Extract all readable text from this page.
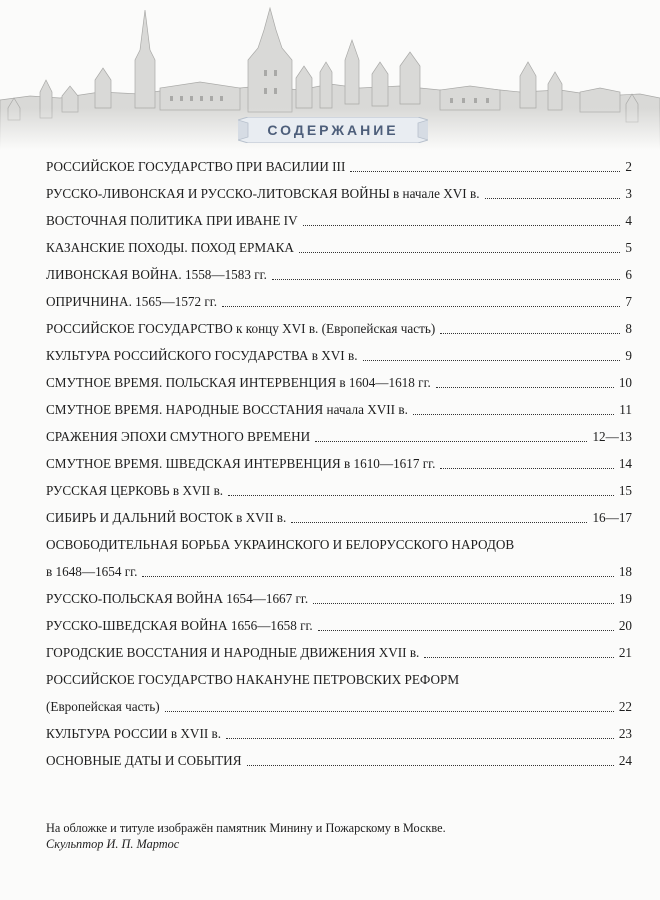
СОДЕРЖАНИЕ
РОССИЙСКОЕ ГОСУДАРСТВО ПРИ ВАСИЛИИ III	2
РУССКО-ЛИВОНСКАЯ И РУССКО-ЛИТОВСКАЯ ВОЙНЫ в начале XVI в.	3
ВОСТОЧНАЯ ПОЛИТИКА ПРИ ИВАНЕ IV	4
КАЗАНСКИЕ ПОХОДЫ. ПОХОД ЕРМАКА	5
ЛИВОНСКАЯ ВОЙНА. 1558—1583 гг.	6
ОПРИЧНИНА. 1565—1572 гг.	7
РОССИЙСКОЕ ГОСУДАРСТВО к концу XVI в. (Европейская часть)	8
КУЛЬТУРА РОССИЙСКОГО ГОСУДАРСТВА в XVI в.	9
СМУТНОЕ ВРЕМЯ. ПОЛЬСКАЯ ИНТЕРВЕНЦИЯ в 1604—1618 гг.	10
СМУТНОЕ ВРЕМЯ. НАРОДНЫЕ ВОССТАНИЯ начала XVII в.	11
СРАЖЕНИЯ ЭПОХИ СМУТНОГО ВРЕМЕНИ	12—13
СМУТНОЕ ВРЕМЯ. ШВЕДСКАЯ ИНТЕРВЕНЦИЯ в 1610—1617 гг.	14
РУССКАЯ ЦЕРКОВЬ в XVII в.	15
СИБИРЬ И ДАЛЬНИЙ ВОСТОК в XVII в.	16—17
ОСВОБОДИТЕЛЬНАЯ БОРЬБА УКРАИНСКОГО И БЕЛОРУССКОГО НАРОДОВ
в 1648—1654 гг.	18
РУССКО-ПОЛЬСКАЯ ВОЙНА 1654—1667 гг.	19
РУССКО-ШВЕДСКАЯ ВОЙНА 1656—1658 гг.	20
ГОРОДСКИЕ ВОССТАНИЯ И НАРОДНЫЕ ДВИЖЕНИЯ XVII в.	21
РОССИЙСКОЕ ГОСУДАРСТВО НАКАНУНЕ ПЕТРОВСКИХ РЕФОРМ
(Европейская часть)	22
КУЛЬТУРА РОССИИ в XVII в.	23
ОСНОВНЫЕ ДАТЫ И СОБЫТИЯ	24
На обложке и титуле изображён памятник Минину и Пожарскому в Москве.
Скульптор И. П. Мартос
